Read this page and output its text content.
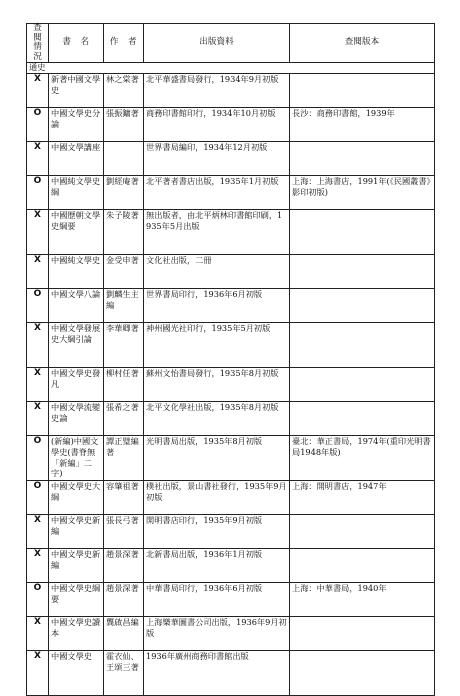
查閱情況	書　名	作　者	出版資料	查閱版本
通史				
X	新著中國文學史	林之棠著	北平華盛書局發行，1934年9月初版	
O	中國文學史分論	張振鏞著	商務印書館印行，1934年10月初版	長沙：商務印書館，1939年
X	中國文學講座		世界書局編印，1934年12月初版	
O	中國純文學史綱	劉經庵著	北平著者書店出版，1935年1月初版	上海：上海書店，1991年(《民國叢書》影印初版)
X	中國歷朝文學史綱要	朱子陵著	無出版者，由北平炳林印書館印刷，1935年5月出版	
X	中國純文學史	金受申著	文化社出版，二冊	
O	中國文學八論	劉麟生主編	世界書局印行，1936年6月初版	
X	中國文學發展史大綱引論	李華卿著	神州國光社印行，1935年5月初版	
X	中國文學史發凡	柳村任著	蘇州文怡書局發行，1935年8月初版	
X	中國文學流變史論	張希之著	北平文化學社出版，1935年8月初版	
O	(新編)中國文學史(書脊無「新編」二字)	譚正璧編著	光明書局出版，1935年8月初版	臺北：華正書局，1974年(重印光明書局1948年版)
O	中國文學史大綱	容肇祖著	樸社出版，景山書社發行，1935年9月初版	上海：開明書店，1947年
X	中國文學史新編	張長弓著	開明書店印行，1935年9月初版	
X	中國文學史新編	趙景深著	北新書局出版，1936年1月初版	
O	中國文學史綱要	趙景深著	中華書局印行，1936年6月初版	上海：中華書局，1940年
X	中國文學史讀本	龔啟昌編	上海樂華圖書公司出版，1936年9月初版	
X	中國文學史	霍衣仙、王頌三著	1936年廣州商務印書館出版	
